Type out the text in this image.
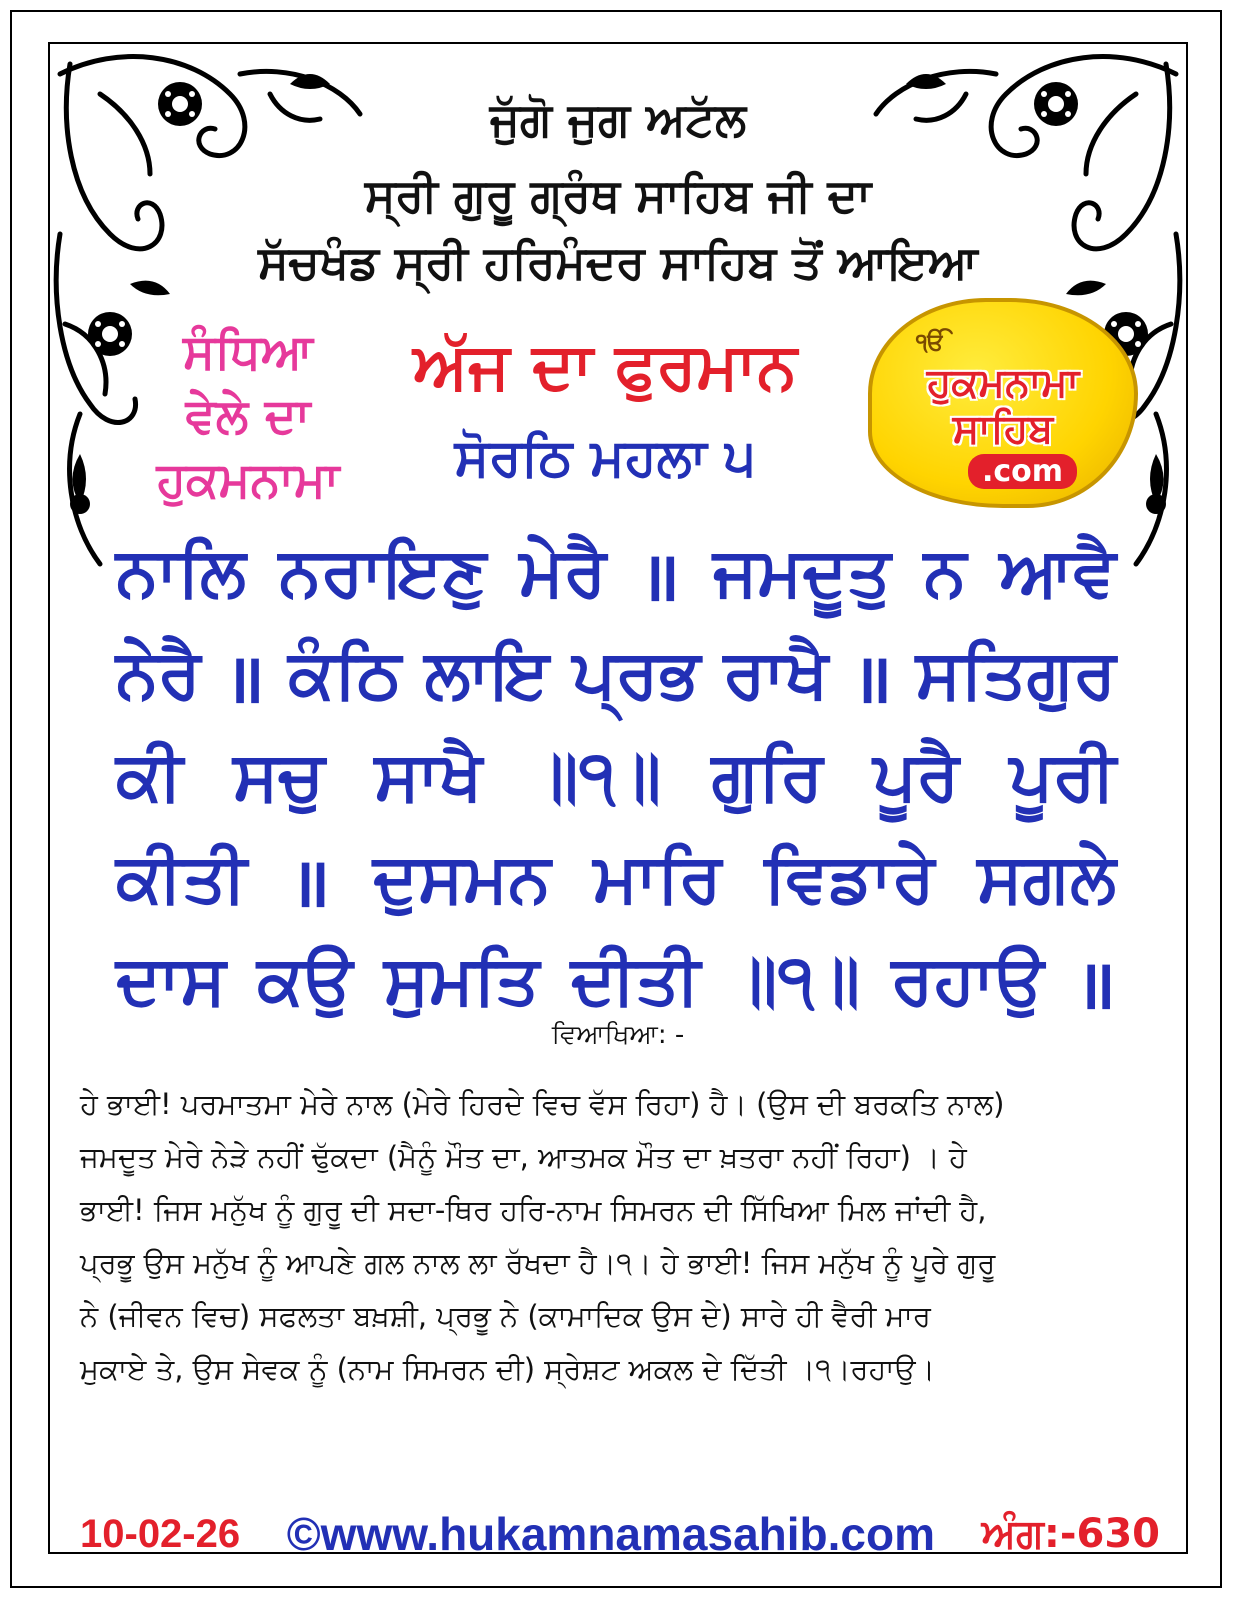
ਜੁੱਗੋ ਜੁਗ ਅਟੱਲ
ਸ੍ਰੀ ਗੁਰੂ ਗ੍ਰੰਥ ਸਾਹਿਬ ਜੀ ਦਾ
ਸੱਚਖੰਡ ਸ੍ਰੀ ਹਰਿਮੰਦਰ ਸਾਹਿਬ ਤੋਂ ਆਇਆ
ਸੰਧਿਆ
ਵੇਲੇ ਦਾ
ਹੁਕਮਨਾਮਾ
ਅੱਜ ਦਾ ਫੁਰਮਾਨ
ਸੋਰਠਿ ਮਹਲਾ ੫
ੴ
ਹੁਕਮਨਾਮਾ
ਸਾਹਿਬ
.com
ਨਾਲਿ ਨਰਾਇਣੁ ਮੇਰੈ ॥ ਜਮਦੂਤੁ ਨ ਆਵੈ
ਨੇਰੈ ॥ ਕੰਠਿ ਲਾਇ ਪ੍ਰਭ ਰਾਖੈ ॥ ਸਤਿਗੁਰ
ਕੀ ਸਚੁ ਸਾਖੈ ॥੧॥ ਗੁਰਿ ਪੂਰੈ ਪੂਰੀ
ਕੀਤੀ ॥ ਦੁਸਮਨ ਮਾਰਿ ਵਿਡਾਰੇ ਸਗਲੇ
ਦਾਸ ਕਉ ਸੁਮਤਿ ਦੀਤੀ ॥੧॥ ਰਹਾਉ ॥
ਵਿਆਖਿਆ: -
ਹੇ ਭਾਈ! ਪਰਮਾਤਮਾ ਮੇਰੇ ਨਾਲ (ਮੇਰੇ ਹਿਰਦੇ ਵਿਚ ਵੱਸ ਰਿਹਾ) ਹੈ। (ਉਸ ਦੀ ਬਰਕਤਿ ਨਾਲ)
ਜਮਦੂਤ ਮੇਰੇ ਨੇੜੇ ਨਹੀਂ ਢੁੱਕਦਾ (ਮੈਨੂੰ ਮੌਤ ਦਾ, ਆਤਮਕ ਮੌਤ ਦਾ ਖ਼ਤਰਾ ਨਹੀਂ ਰਿਹਾ) । ਹੇ
ਭਾਈ! ਜਿਸ ਮਨੁੱਖ ਨੂੰ ਗੁਰੂ ਦੀ ਸਦਾ-ਥਿਰ ਹਰਿ-ਨਾਮ ਸਿਮਰਨ ਦੀ ਸਿੱਖਿਆ ਮਿਲ ਜਾਂਦੀ ਹੈ,
ਪ੍ਰਭੂ ਉਸ ਮਨੁੱਖ ਨੂੰ ਆਪਣੇ ਗਲ ਨਾਲ ਲਾ ਰੱਖਦਾ ਹੈ।੧। ਹੇ ਭਾਈ! ਜਿਸ ਮਨੁੱਖ ਨੂੰ ਪੂਰੇ ਗੁਰੂ
ਨੇ (ਜੀਵਨ ਵਿਚ) ਸਫਲਤਾ ਬਖ਼ਸ਼ੀ, ਪ੍ਰਭੂ ਨੇ (ਕਾਮਾਦਿਕ ਉਸ ਦੇ) ਸਾਰੇ ਹੀ ਵੈਰੀ ਮਾਰ
ਮੁਕਾਏ ਤੇ, ਉਸ ਸੇਵਕ ਨੂੰ (ਨਾਮ ਸਿਮਰਨ ਦੀ) ਸ੍ਰੇਸ਼ਟ ਅਕਲ ਦੇ ਦਿੱਤੀ ।੧।ਰਹਾਉ।
10-02-26 ©www.hukamnamasahib.com ਅੰਗ:-630
